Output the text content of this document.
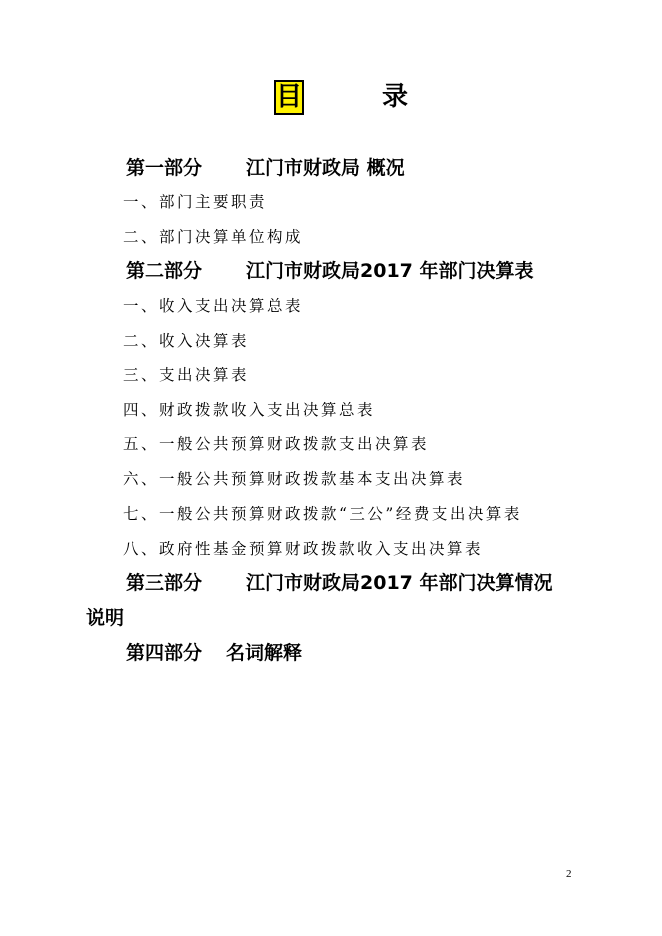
目	录
第一部分 江门市财政局 概况
一、部门主要职责
二、部门决算单位构成
第二部分 江门市财政局2017 年部门决算表
一、收入支出决算总表
二、收入决算表
三、支出决算表
四、财政拨款收入支出决算总表
五、一般公共预算财政拨款支出决算表
六、一般公共预算财政拨款基本支出决算表
七、一般公共预算财政拨款“三公”经费支出决算表
八、政府性基金预算财政拨款收入支出决算表
第三部分 江门市财政局2017 年部门决算情况
说明
第四部分 名词解释
2
